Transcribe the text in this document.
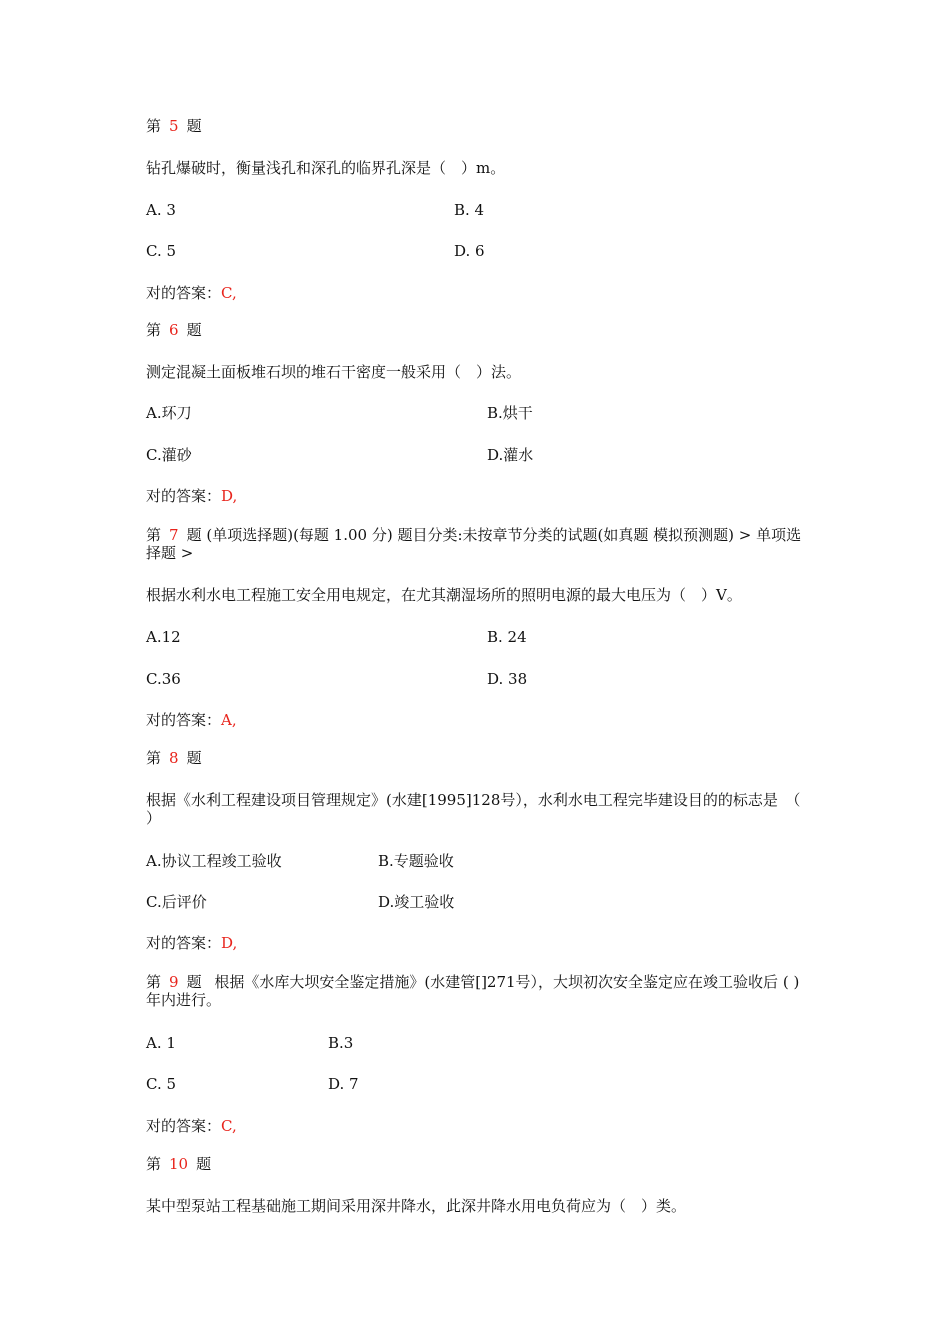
第 5 题
钻孔爆破时，衡量浅孔和深孔的临界孔深是（　）m。
A. 3	B. 4
C. 5	D. 6
对的答案：C,
第 6 题
测定混凝土面板堆石坝的堆石干密度一般采用（　）法。
A.环刀	B.烘干
C.灌砂	D.灌水
对的答案：D,
第 7 题 (单项选择题)(每题 1.00 分) 题目分类:未按章节分类的试题(如真题 模拟预测题) > 单项选择题 >
根据水利水电工程施工安全用电规定，在尤其潮湿场所的照明电源的最大电压为（　）V。
A.12	B. 24
C.36	D. 38
对的答案：A,
第 8 题
根据《水利工程建设项目管理规定》(水建[1995]128号），水利水电工程完毕建设目的的标志是　（ ）
A.协议工程竣工验收	B.专题验收
C.后评价	D.竣工验收
对的答案：D,
第 9 题 根据《水库大坝安全鉴定措施》(水建管[]271号），大坝初次安全鉴定应在竣工验收后 ( )年内进行。
A. 1	B.3
C. 5	D. 7
对的答案：C,
第 10 题
某中型泵站工程基础施工期间采用深井降水，此深井降水用电负荷应为（　）类。
